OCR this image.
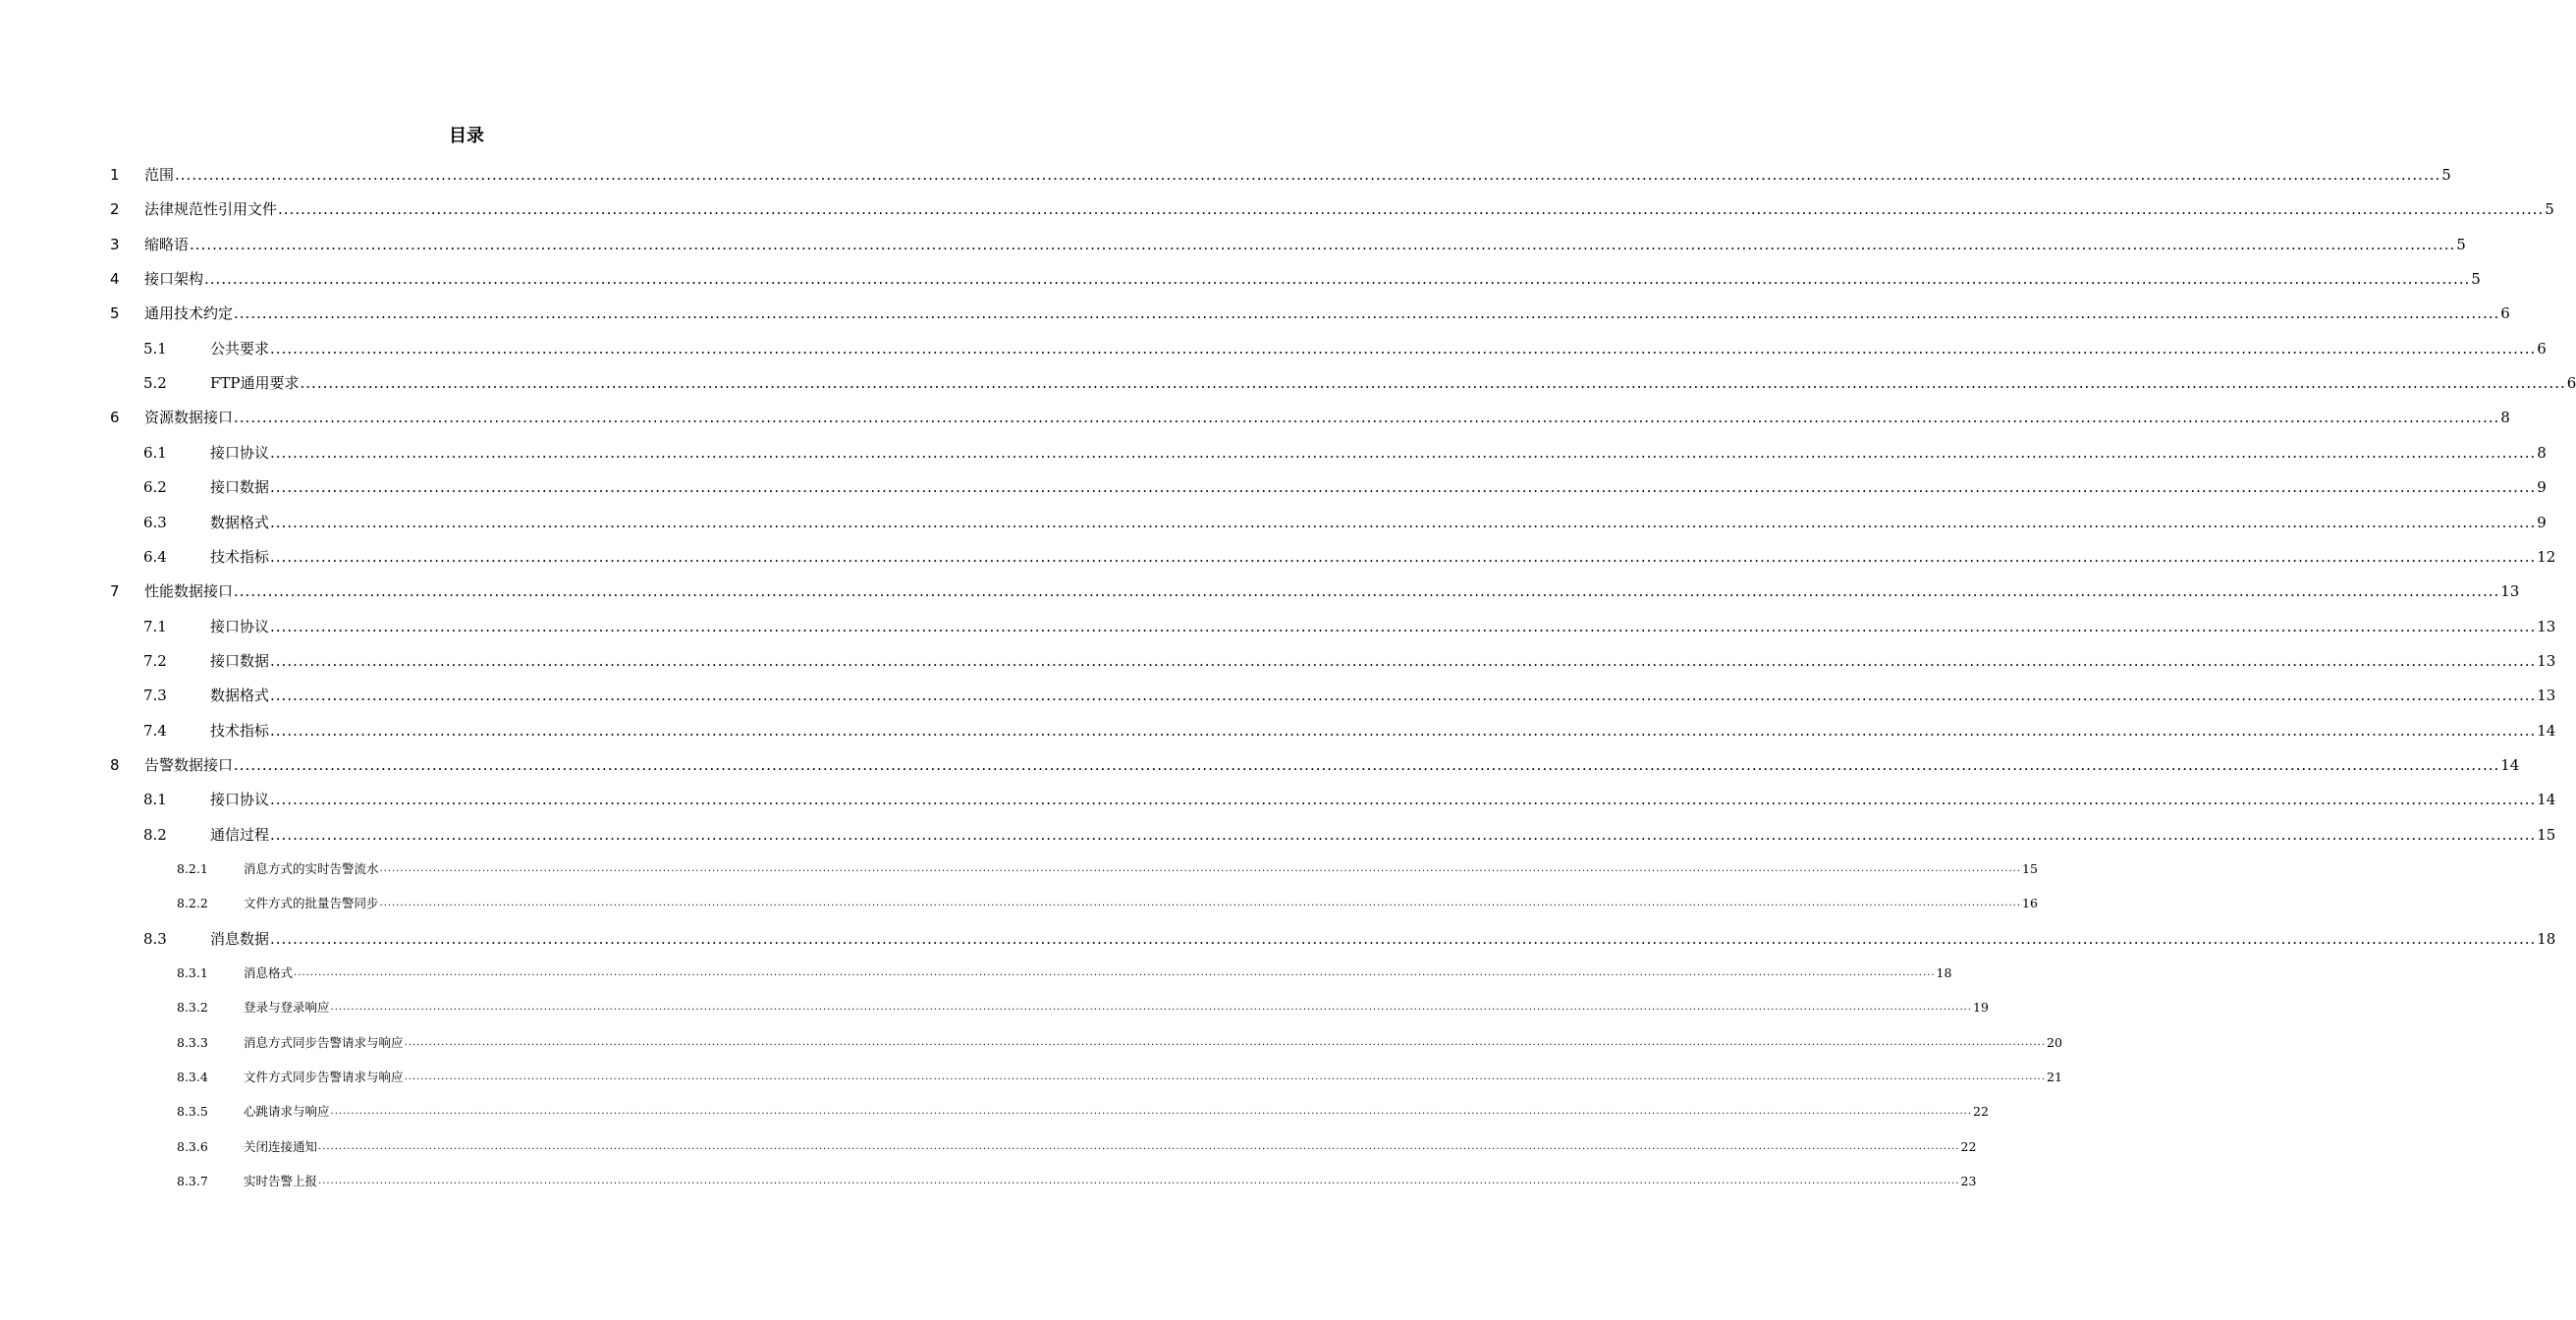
目录
1	范围 ................................................................................................................................................................................................................................................................................................................................................................................................................ 5
2	法律规范性引用文件 ................................................................................................................................................................................................................................................................................................................................................................................................................ 5
3	缩略语 ................................................................................................................................................................................................................................................................................................................................................................................................................ 5
4	接口架构 ................................................................................................................................................................................................................................................................................................................................................................................................................ 5
5	通用技术约定 ................................................................................................................................................................................................................................................................................................................................................................................................................ 6
5.1	公共要求 ................................................................................................................................................................................................................................................................................................................................................................................................................ 6
5.2	FTP通用要求 ................................................................................................................................................................................................................................................................................................................................................................................................................ 6
6	资源数据接口 ................................................................................................................................................................................................................................................................................................................................................................................................................ 8
6.1	接口协议 ................................................................................................................................................................................................................................................................................................................................................................................................................ 8
6.2	接口数据 ................................................................................................................................................................................................................................................................................................................................................................................................................ 9
6.3	数据格式 ................................................................................................................................................................................................................................................................................................................................................................................................................ 9
6.4	技术指标 ................................................................................................................................................................................................................................................................................................................................................................................................................ 12
7	性能数据接口 ................................................................................................................................................................................................................................................................................................................................................................................................................ 13
7.1	接口协议 ................................................................................................................................................................................................................................................................................................................................................................................................................ 13
7.2	接口数据 ................................................................................................................................................................................................................................................................................................................................................................................................................ 13
7.3	数据格式 ................................................................................................................................................................................................................................................................................................................................................................................................................ 13
7.4	技术指标 ................................................................................................................................................................................................................................................................................................................................................................................................................ 14
8	告警数据接口 ................................................................................................................................................................................................................................................................................................................................................................................................................ 14
8.1	接口协议 ................................................................................................................................................................................................................................................................................................................................................................................................................ 14
8.2	通信过程 ................................................................................................................................................................................................................................................................................................................................................................................................................ 15
8.2.1	消息方式的实时告警流水 ................................................................................................................................................................................................................................................................................................................................................................................................................ 15
8.2.2	文件方式的批量告警同步 ................................................................................................................................................................................................................................................................................................................................................................................................................ 16
8.3	消息数据 ................................................................................................................................................................................................................................................................................................................................................................................................................ 18
8.3.1	消息格式 ................................................................................................................................................................................................................................................................................................................................................................................................................ 18
8.3.2	登录与登录响应 ................................................................................................................................................................................................................................................................................................................................................................................................................ 19
8.3.3	消息方式同步告警请求与响应 ................................................................................................................................................................................................................................................................................................................................................................................................................ 20
8.3.4	文件方式同步告警请求与响应 ................................................................................................................................................................................................................................................................................................................................................................................................................ 21
8.3.5	心跳请求与响应 ................................................................................................................................................................................................................................................................................................................................................................................................................ 22
8.3.6	关闭连接通知 ................................................................................................................................................................................................................................................................................................................................................................................................................ 22
8.3.7	实时告警上报 ................................................................................................................................................................................................................................................................................................................................................................................................................ 23
